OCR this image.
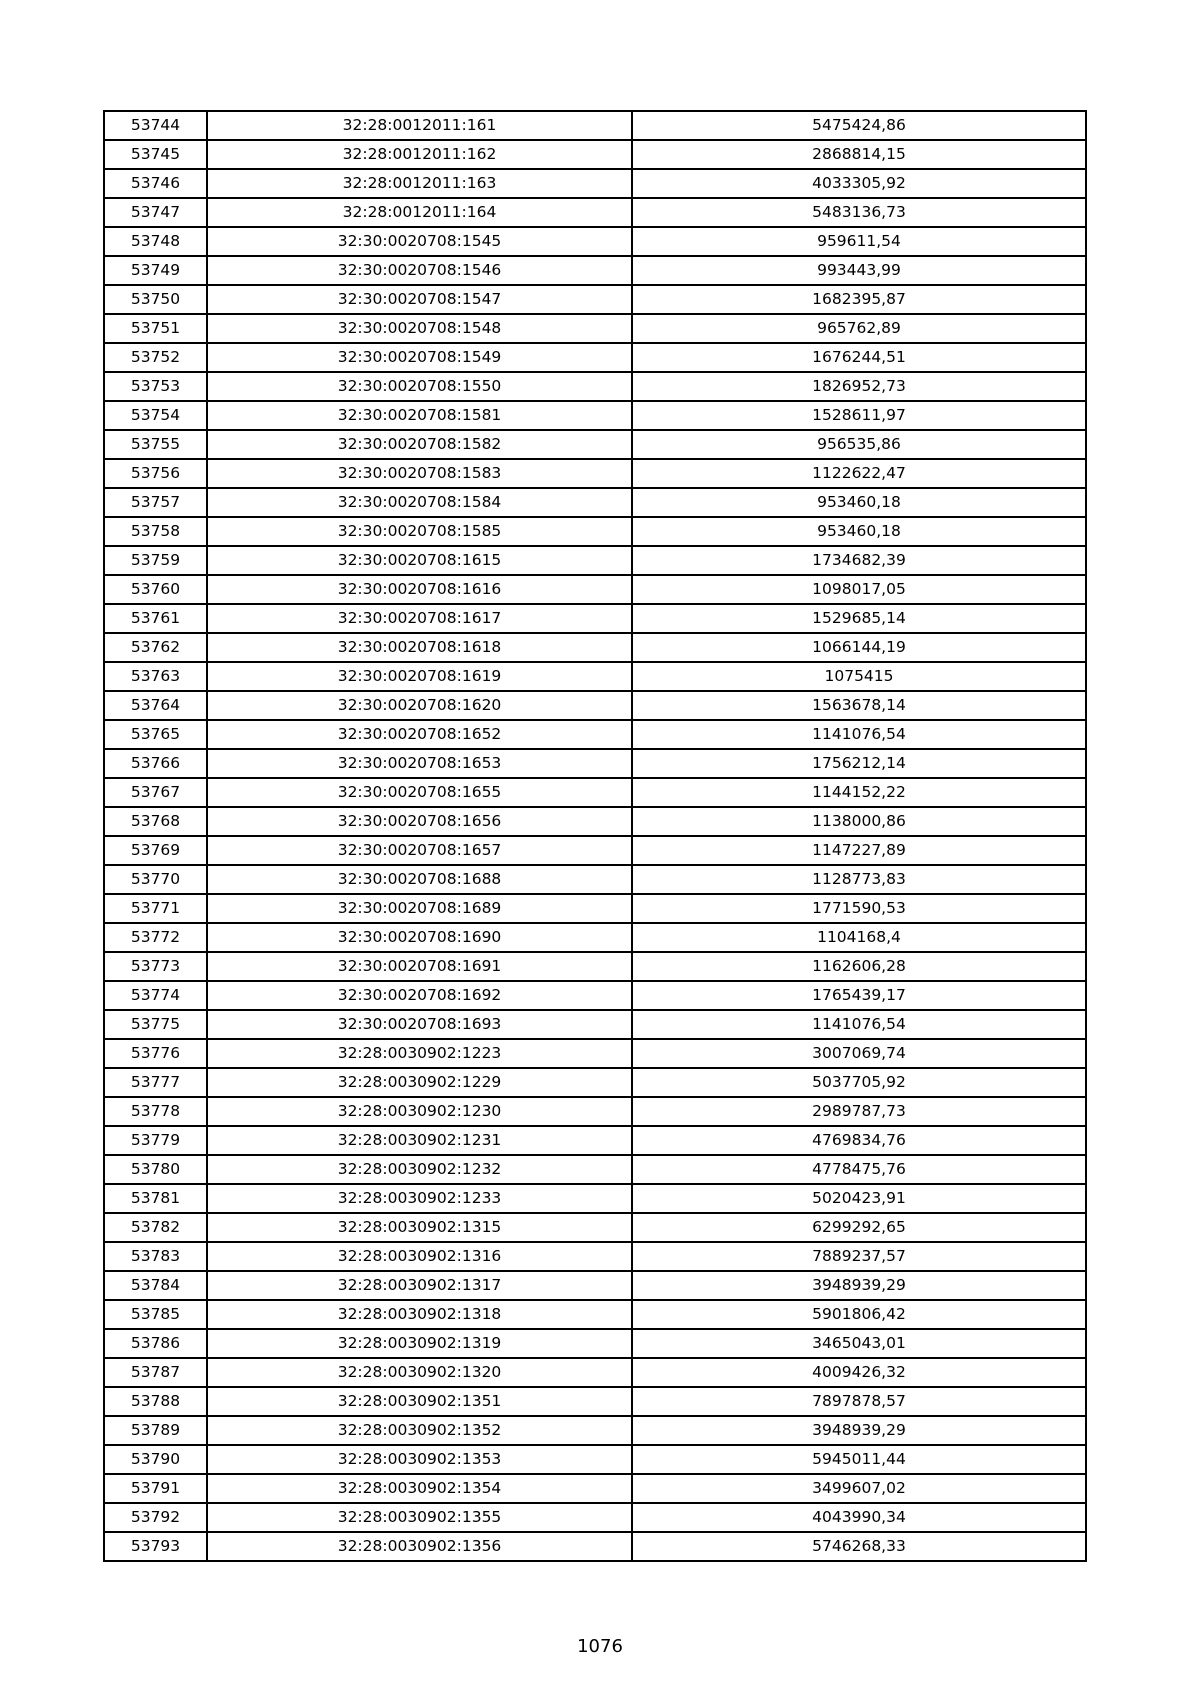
53744	32:28:0012011:161	5475424,86
53745	32:28:0012011:162	2868814,15
53746	32:28:0012011:163	4033305,92
53747	32:28:0012011:164	5483136,73
53748	32:30:0020708:1545	959611,54
53749	32:30:0020708:1546	993443,99
53750	32:30:0020708:1547	1682395,87
53751	32:30:0020708:1548	965762,89
53752	32:30:0020708:1549	1676244,51
53753	32:30:0020708:1550	1826952,73
53754	32:30:0020708:1581	1528611,97
53755	32:30:0020708:1582	956535,86
53756	32:30:0020708:1583	1122622,47
53757	32:30:0020708:1584	953460,18
53758	32:30:0020708:1585	953460,18
53759	32:30:0020708:1615	1734682,39
53760	32:30:0020708:1616	1098017,05
53761	32:30:0020708:1617	1529685,14
53762	32:30:0020708:1618	1066144,19
53763	32:30:0020708:1619	1075415
53764	32:30:0020708:1620	1563678,14
53765	32:30:0020708:1652	1141076,54
53766	32:30:0020708:1653	1756212,14
53767	32:30:0020708:1655	1144152,22
53768	32:30:0020708:1656	1138000,86
53769	32:30:0020708:1657	1147227,89
53770	32:30:0020708:1688	1128773,83
53771	32:30:0020708:1689	1771590,53
53772	32:30:0020708:1690	1104168,4
53773	32:30:0020708:1691	1162606,28
53774	32:30:0020708:1692	1765439,17
53775	32:30:0020708:1693	1141076,54
53776	32:28:0030902:1223	3007069,74
53777	32:28:0030902:1229	5037705,92
53778	32:28:0030902:1230	2989787,73
53779	32:28:0030902:1231	4769834,76
53780	32:28:0030902:1232	4778475,76
53781	32:28:0030902:1233	5020423,91
53782	32:28:0030902:1315	6299292,65
53783	32:28:0030902:1316	7889237,57
53784	32:28:0030902:1317	3948939,29
53785	32:28:0030902:1318	5901806,42
53786	32:28:0030902:1319	3465043,01
53787	32:28:0030902:1320	4009426,32
53788	32:28:0030902:1351	7897878,57
53789	32:28:0030902:1352	3948939,29
53790	32:28:0030902:1353	5945011,44
53791	32:28:0030902:1354	3499607,02
53792	32:28:0030902:1355	4043990,34
53793	32:28:0030902:1356	5746268,33
1076
